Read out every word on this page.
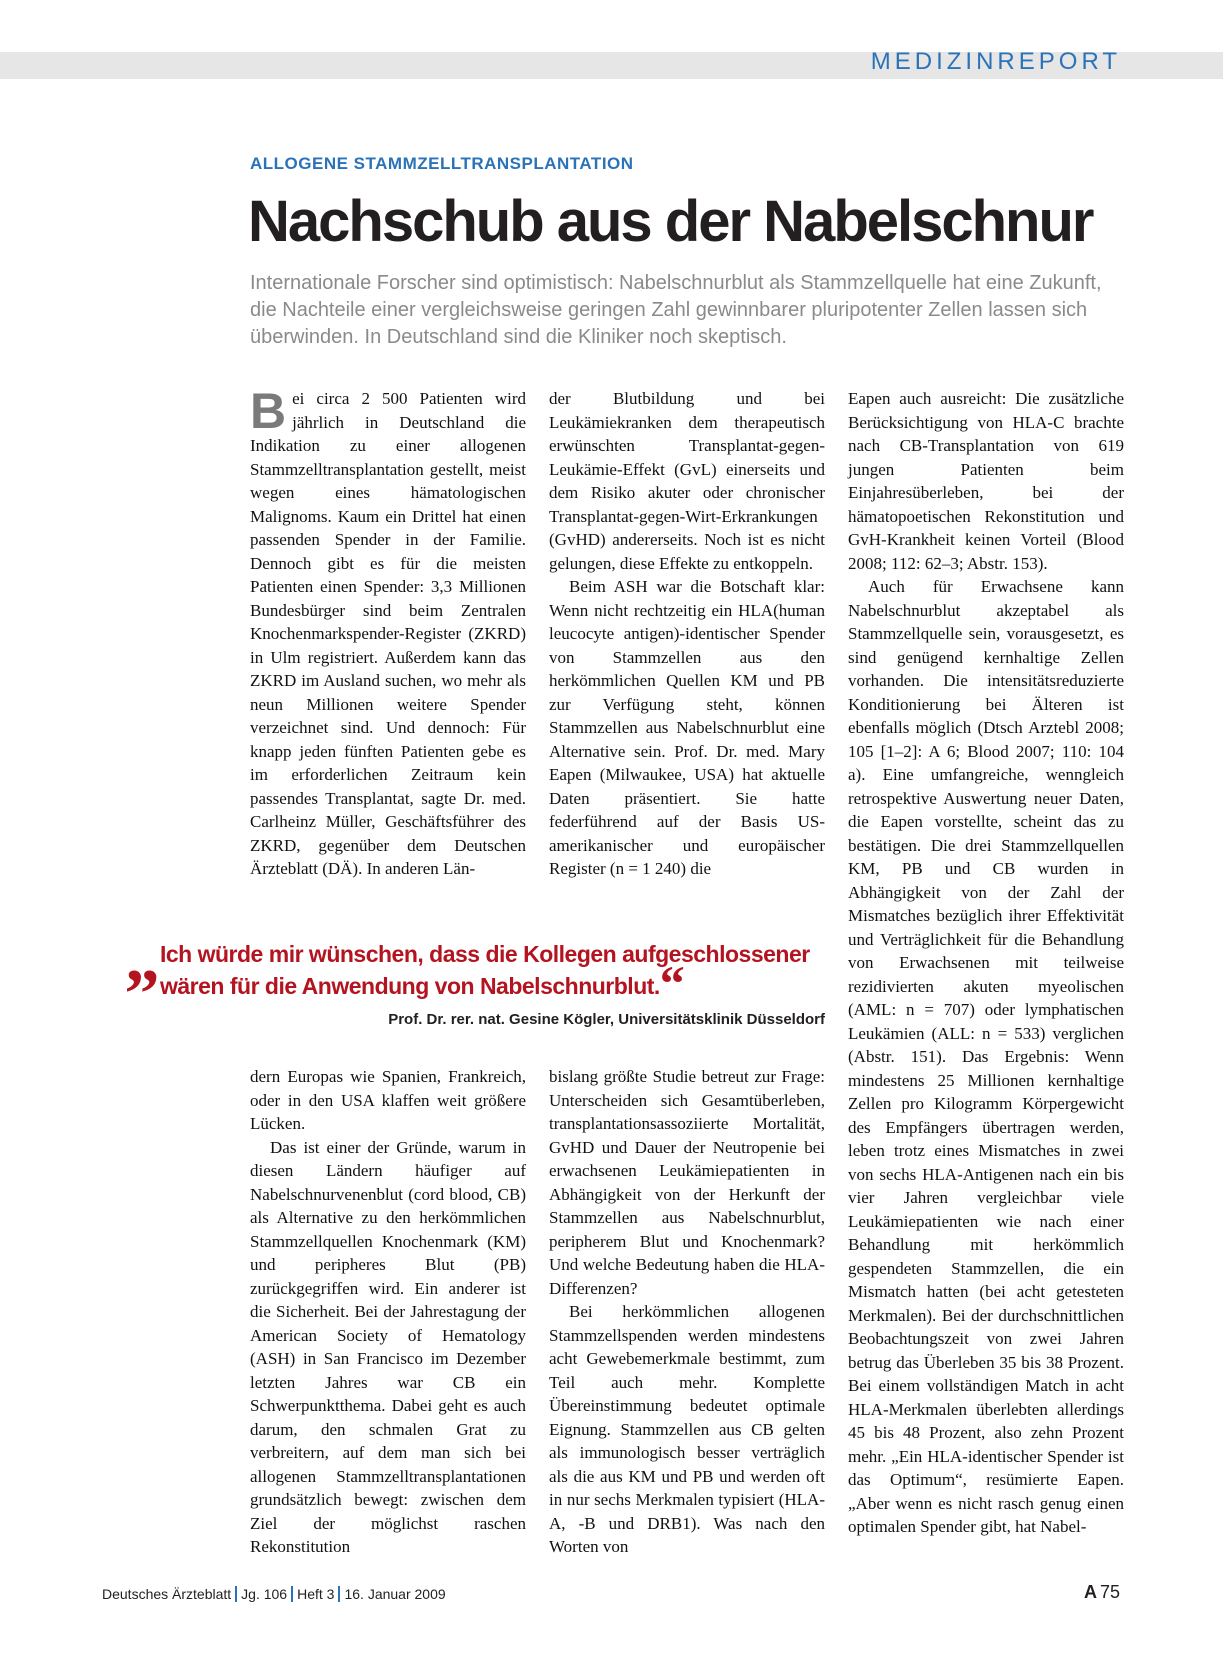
MEDIZINREPORT
ALLOGENE STAMMZELLTRANSPLANTATION
Nachschub aus der Nabelschnur

Internationale Forscher sind optimistisch: Nabelschnurblut als Stammzellquelle hat eine Zukunft, die Nachteile einer vergleichsweise geringen Zahl gewinnbarer pluripotenter Zellen lassen sich überwinden. In Deutschland sind die Kliniker noch skeptisch.

Bei circa 2 500 Patienten wird jährlich in Deutschland die Indikation zu einer allogenen Stammzelltransplantation gestellt, meist wegen eines hämatologischen Malignoms. Kaum ein Drittel hat einen passenden Spender in der Familie. Dennoch gibt es für die meisten Patienten einen Spender: 3,3 Millionen Bundesbürger sind beim Zentralen Knochenmarkspender-Register (ZKRD) in Ulm registriert. Außerdem kann das ZKRD im Ausland suchen, wo mehr als neun Millionen weitere Spender verzeichnet sind. Und dennoch: Für knapp jeden fünften Patienten gebe es im erforderlichen Zeitraum kein passendes Transplantat, sagte Dr. med. Carlheinz Müller, Geschäftsführer des ZKRD, gegenüber dem Deutschen Ärzteblatt (DÄ). In anderen Län-

der Blutbildung und bei Leukämiekranken dem therapeutisch erwünschten Transplantat-gegen-Leukämie-Effekt (GvL) einerseits und dem Risiko akuter oder chronischer Transplantat-gegen-Wirt-Erkrankungen (GvHD) andererseits. Noch ist es nicht gelungen, diese Effekte zu entkoppeln.

Beim ASH war die Botschaft klar: Wenn nicht rechtzeitig ein HLA(human leucocyte antigen)-identischer Spender von Stammzellen aus den herkömmlichen Quellen KM und PB zur Verfügung steht, können Stammzellen aus Nabelschnurblut eine Alternative sein. Prof. Dr. med. Mary Eapen (Milwaukee, USA) hat aktuelle Daten präsentiert. Sie hatte federführend auf der Basis US-amerikanischer und europäischer Register (n = 1 240) die

„ Ich würde mir wünschen, dass die Kollegen aufgeschlossener wären für die Anwendung von Nabelschnurblut.“

Prof. Dr. rer. nat. Gesine Kögler, Universitätsklinik Düsseldorf

dern Europas wie Spanien, Frankreich, oder in den USA klaffen weit größere Lücken.

Das ist einer der Gründe, warum in diesen Ländern häufiger auf Nabelschnurvenenblut (cord blood, CB) als Alternative zu den herkömmlichen Stammzellquellen Knochenmark (KM) und peripheres Blut (PB) zurückgegriffen wird. Ein anderer ist die Sicherheit. Bei der Jahrestagung der American Society of Hematology (ASH) in San Francisco im Dezember letzten Jahres war CB ein Schwerpunktthema. Dabei geht es auch darum, den schmalen Grat zu verbreitern, auf dem man sich bei allogenen Stammzelltransplantationen grundsätzlich bewegt: zwischen dem Ziel der möglichst raschen Rekonstitution

bislang größte Studie betreut zur Frage: Unterscheiden sich Gesamtüberleben, transplantationsassoziierte Mortalität, GvHD und Dauer der Neutropenie bei erwachsenen Leukämiepatienten in Abhängigkeit von der Herkunft der Stammzellen aus Nabelschnurblut, peripherem Blut und Knochenmark? Und welche Bedeutung haben die HLA-Differenzen?

Bei herkömmlichen allogenen Stammzellspenden werden mindestens acht Gewebemerkmale bestimmt, zum Teil auch mehr. Komplette Übereinstimmung bedeutet optimale Eignung. Stammzellen aus CB gelten als immunologisch besser verträglich als die aus KM und PB und werden oft in nur sechs Merkmalen typisiert (HLA-A, -B und DRB1). Was nach den Worten von

Eapen auch ausreicht: Die zusätzliche Berücksichtigung von HLA-C brachte nach CB-Transplantation von 619 jungen Patienten beim Einjahresüberleben, bei der hämatopoetischen Rekonstitution und GvH-Krankheit keinen Vorteil (Blood 2008; 112: 62–3; Abstr. 153).

Auch für Erwachsene kann Nabelschnurblut akzeptabel als Stammzellquelle sein, vorausgesetzt, es sind genügend kernhaltige Zellen vorhanden. Die intensitätsreduzierte Konditionierung bei Älteren ist ebenfalls möglich (Dtsch Arztebl 2008; 105 [1–2]: A 6; Blood 2007; 110: 104 a). Eine umfangreiche, wenngleich retrospektive Auswertung neuer Daten, die Eapen vorstellte, scheint das zu bestätigen. Die drei Stammzellquellen KM, PB und CB wurden in Abhängigkeit von der Zahl der Mismatches bezüglich ihrer Effektivität und Verträglichkeit für die Behandlung von Erwachsenen mit teilweise rezidivierten akuten myeolischen (AML: n = 707) oder lymphatischen Leukämien (ALL: n = 533) verglichen (Abstr. 151). Das Ergebnis: Wenn mindestens 25 Millionen kernhaltige Zellen pro Kilogramm Körpergewicht des Empfängers übertragen werden, leben trotz eines Mismatches in zwei von sechs HLA-Antigenen nach ein bis vier Jahren vergleichbar viele Leukämiepatienten wie nach einer Behandlung mit herkömmlich gespendeten Stammzellen, die ein Mismatch hatten (bei acht getesteten Merkmalen). Bei der durchschnittlichen Beobachtungszeit von zwei Jahren betrug das Überleben 35 bis 38 Prozent. Bei einem vollständigen Match in acht HLA-Merkmalen überlebten allerdings 45 bis 48 Prozent, also zehn Prozent mehr. „Ein HLA-identischer Spender ist das Optimum“, resümierte Eapen. „Aber wenn es nicht rasch genug einen optimalen Spender gibt, hat Nabel-

Deutsches Ärzteblatt Jg. 106 Heft 3 16. Januar 2009	A 75
